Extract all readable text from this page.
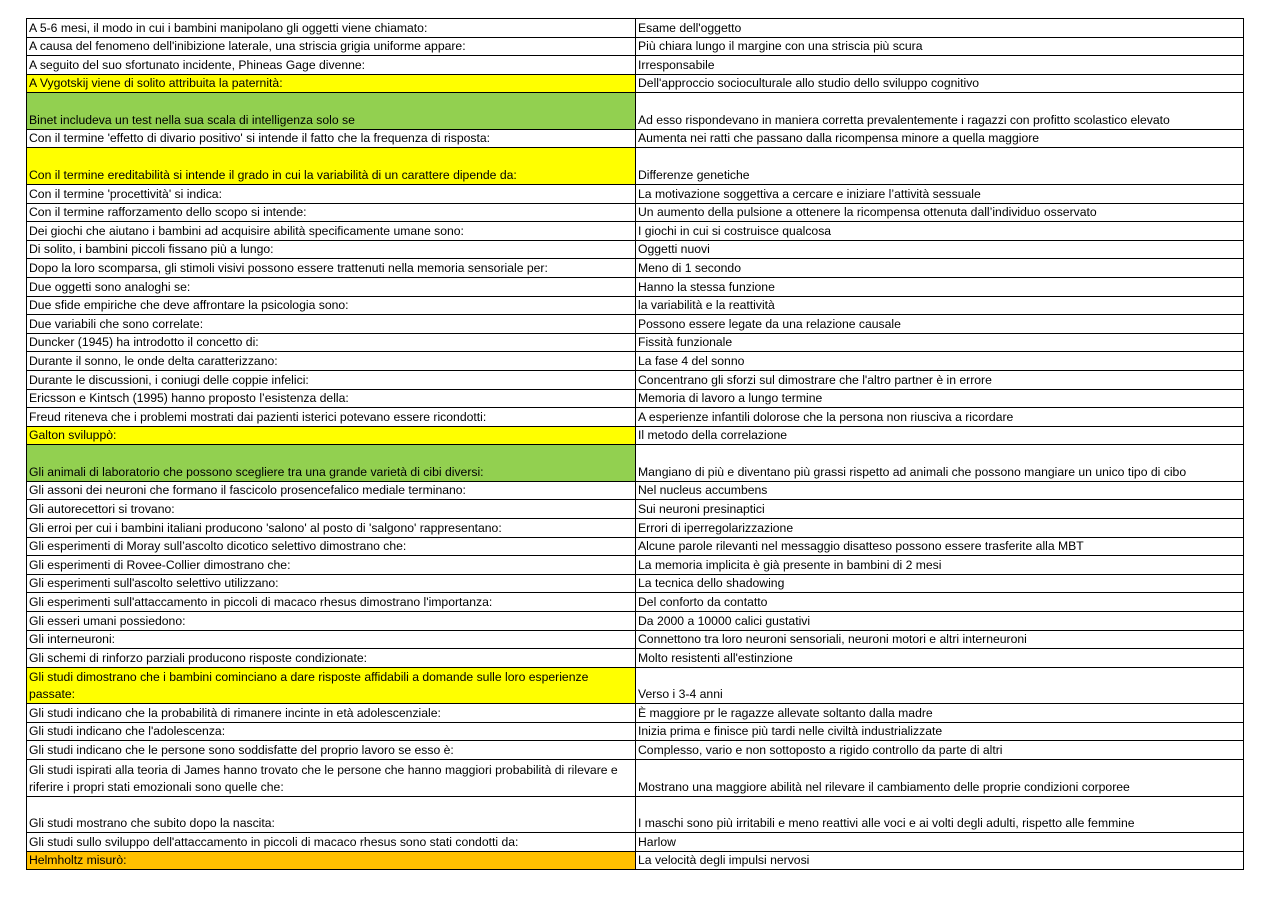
A 5-6 mesi, il modo in cui i bambini manipolano gli oggetti viene chiamato:	Esame dell'oggetto
A causa del fenomeno dell'inibizione laterale, una striscia grigia uniforme appare:	Più chiara lungo il margine con una striscia più scura
A seguito del suo sfortunato incidente, Phineas Gage divenne:	Irresponsabile
A Vygotskij viene di solito attribuita la paternità:	Dell'approccio socioculturale allo studio dello sviluppo cognitivo
Binet includeva un test nella sua scala di intelligenza solo se	Ad esso rispondevano in maniera corretta prevalentemente i ragazzi con profitto scolastico elevato
Con il termine 'effetto di divario positivo' si intende il fatto che la frequenza di risposta:	Aumenta nei ratti che passano dalla ricompensa minore a quella maggiore
Con il termine ereditabilità si intende il grado in cui la variabilità di un carattere dipende da:	Differenze genetiche
Con il termine 'procettività' si indica:	La motivazione soggettiva a cercare e iniziare l’attività sessuale
Con il termine rafforzamento dello scopo si intende:	Un aumento della pulsione a ottenere la ricompensa ottenuta dall’individuo osservato
Dei giochi che aiutano i bambini ad acquisire abilità specificamente umane sono:	I giochi in cui si costruisce qualcosa
Di solito, i bambini piccoli fissano più a lungo:	Oggetti nuovi
Dopo la loro scomparsa, gli stimoli visivi possono essere trattenuti nella memoria sensoriale per:	Meno di 1 secondo
Due oggetti sono analoghi se:	Hanno la stessa funzione
Due sfide empiriche che deve affrontare la psicologia sono:	la variabilità e la reattività
Due variabili che sono correlate:	Possono essere legate da una relazione causale
Duncker (1945) ha introdotto il concetto di:	Fissità funzionale
Durante il sonno, le onde delta caratterizzano:	La fase 4 del sonno
Durante le discussioni, i coniugi delle coppie infelici:	Concentrano gli sforzi sul dimostrare che l'altro partner è in errore
Ericsson e Kintsch (1995) hanno proposto l’esistenza della:	Memoria di lavoro a lungo termine
Freud riteneva che i problemi mostrati dai pazienti isterici potevano essere ricondotti:	A esperienze infantili dolorose che la persona non riusciva a ricordare
Galton sviluppò:	Il metodo della correlazione
Gli animali di laboratorio che possono scegliere tra una grande varietà di cibi diversi:	Mangiano di più e diventano più grassi rispetto ad animali che possono mangiare un unico tipo di cibo
Gli assoni dei neuroni che formano il fascicolo prosencefalico mediale terminano:	Nel nucleus accumbens
Gli autorecettori si trovano:	Sui neuroni presinaptici
Gli erroi per cui i bambini italiani producono 'salono' al posto di 'salgono' rappresentano:	Errori di iperregolarizzazione
Gli esperimenti di Moray sull’ascolto dicotico selettivo dimostrano che:	Alcune parole rilevanti nel messaggio disatteso possono essere trasferite alla MBT
Gli esperimenti di Rovee-Collier dimostrano che:	La memoria implicita è già presente in bambini di 2 mesi
Gli esperimenti sull'ascolto selettivo utilizzano:	La tecnica dello shadowing
Gli esperimenti sull'attaccamento in piccoli di macaco rhesus dimostrano l'importanza:	Del conforto da contatto
Gli esseri umani possiedono:	Da 2000 a 10000 calici gustativi
Gli interneuroni:	Connettono tra loro neuroni sensoriali, neuroni motori e altri interneuroni
Gli schemi di rinforzo parziali producono risposte condizionate:	Molto resistenti all'estinzione
Gli studi dimostrano che i bambini cominciano a dare risposte affidabili a domande sulle loro esperienze passate:	Verso i 3-4 anni
Gli studi indicano che la probabilità di rimanere incinte in età adolescenziale:	È maggiore pr le ragazze allevate soltanto dalla madre
Gli studi indicano che l'adolescenza:	Inizia prima e finisce più tardi nelle civiltà industrializzate
Gli studi indicano che le persone sono soddisfatte del proprio lavoro se esso è:	Complesso, vario e non sottoposto a rigido controllo da parte di altri
Gli studi ispirati alla teoria di James hanno trovato che le persone che hanno maggiori probabilità di rilevare e riferire i propri stati emozionali sono quelle che:	Mostrano una maggiore abilità nel rilevare il cambiamento delle proprie condizioni corporee
Gli studi mostrano che subito dopo la nascita:	I maschi sono più irritabili e meno reattivi alle voci e ai volti degli adulti, rispetto alle femmine
Gli studi sullo sviluppo dell'attaccamento in piccoli di macaco rhesus sono stati condotti da:	Harlow
Helmholtz misurò:	La velocità degli impulsi nervosi
